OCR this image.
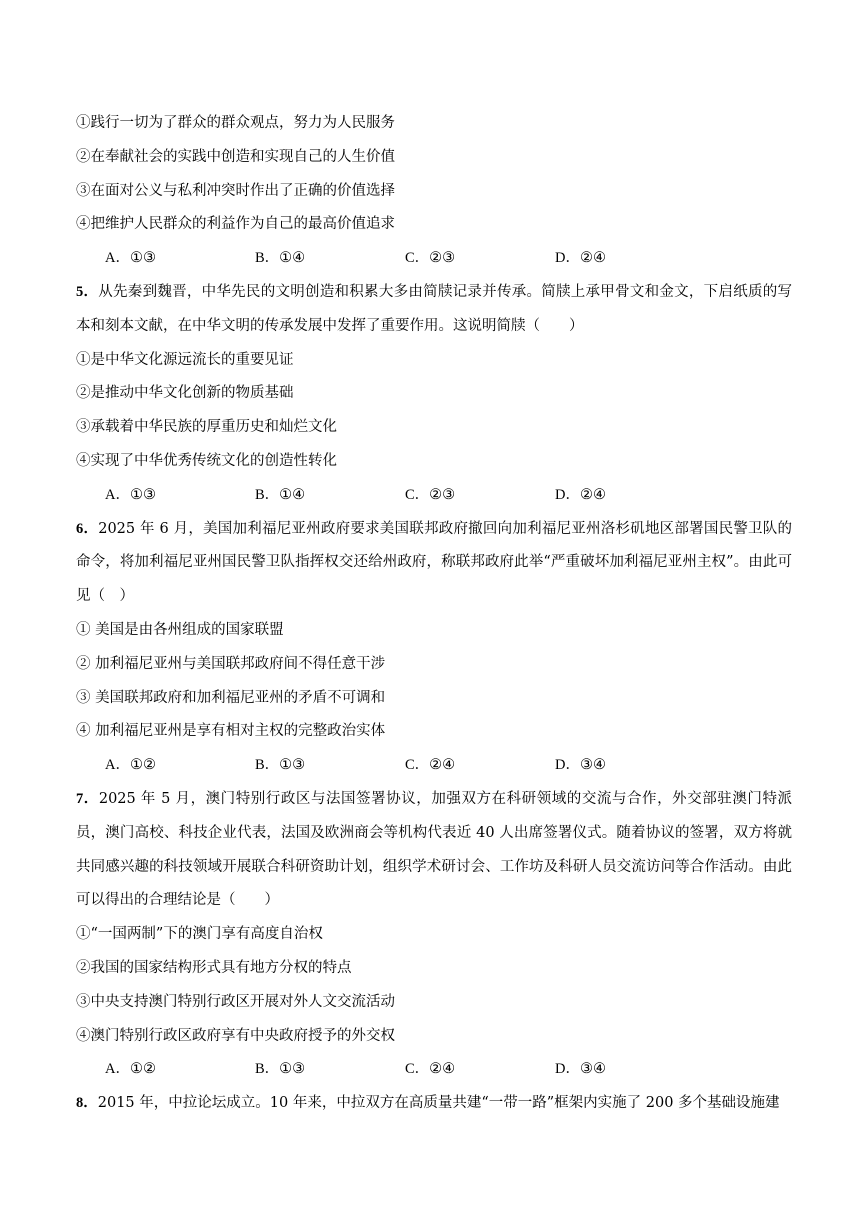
①践行一切为了群众的群众观点，努力为人民服务
②在奉献社会的实践中创造和实现自己的人生价值
③在面对公义与私利冲突时作出了正确的价值选择
④把维护人民群众的利益作为自己的最高价值追求
A．①③	B．①④	C．②③	D．②④
5．从先秦到魏晋，中华先民的文明创造和积累大多由简牍记录并传承。简牍上承甲骨文和金文，下启纸质的写本和刻本文献，在中华文明的传承发展中发挥了重要作用。这说明简牍（　　）
①是中华文化源远流长的重要见证
②是推动中华文化创新的物质基础
③承载着中华民族的厚重历史和灿烂文化
④实现了中华优秀传统文化的创造性转化
A．①③	B．①④	C．②③	D．②④
6．2025 年 6 月，美国加利福尼亚州政府要求美国联邦政府撤回向加利福尼亚州洛杉矶地区部署国民警卫队的命令，将加利福尼亚州国民警卫队指挥权交还给州政府，称联邦政府此举“严重破坏加利福尼亚州主权”。由此可见（　）
① 美国是由各州组成的国家联盟
② 加利福尼亚州与美国联邦政府间不得任意干涉
③ 美国联邦政府和加利福尼亚州的矛盾不可调和
④ 加利福尼亚州是享有相对主权的完整政治实体
A．①②	B．①③	C．②④	D．③④
7．2025 年 5 月，澳门特别行政区与法国签署协议，加强双方在科研领域的交流与合作，外交部驻澳门特派员，澳门高校、科技企业代表，法国及欧洲商会等机构代表近 40 人出席签署仪式。随着协议的签署，双方将就共同感兴趣的科技领域开展联合科研资助计划，组织学术研讨会、工作坊及科研人员交流访问等合作活动。由此可以得出的合理结论是（　　）
①“一国两制”下的澳门享有高度自治权
②我国的国家结构形式具有地方分权的特点
③中央支持澳门特别行政区开展对外人文交流活动
④澳门特别行政区政府享有中央政府授予的外交权
A．①②	B．①③	C．②④	D．③④
8．2015 年，中拉论坛成立。10 年来，中拉双方在高质量共建“一带一路”框架内实施了 200 多个基础设施建
